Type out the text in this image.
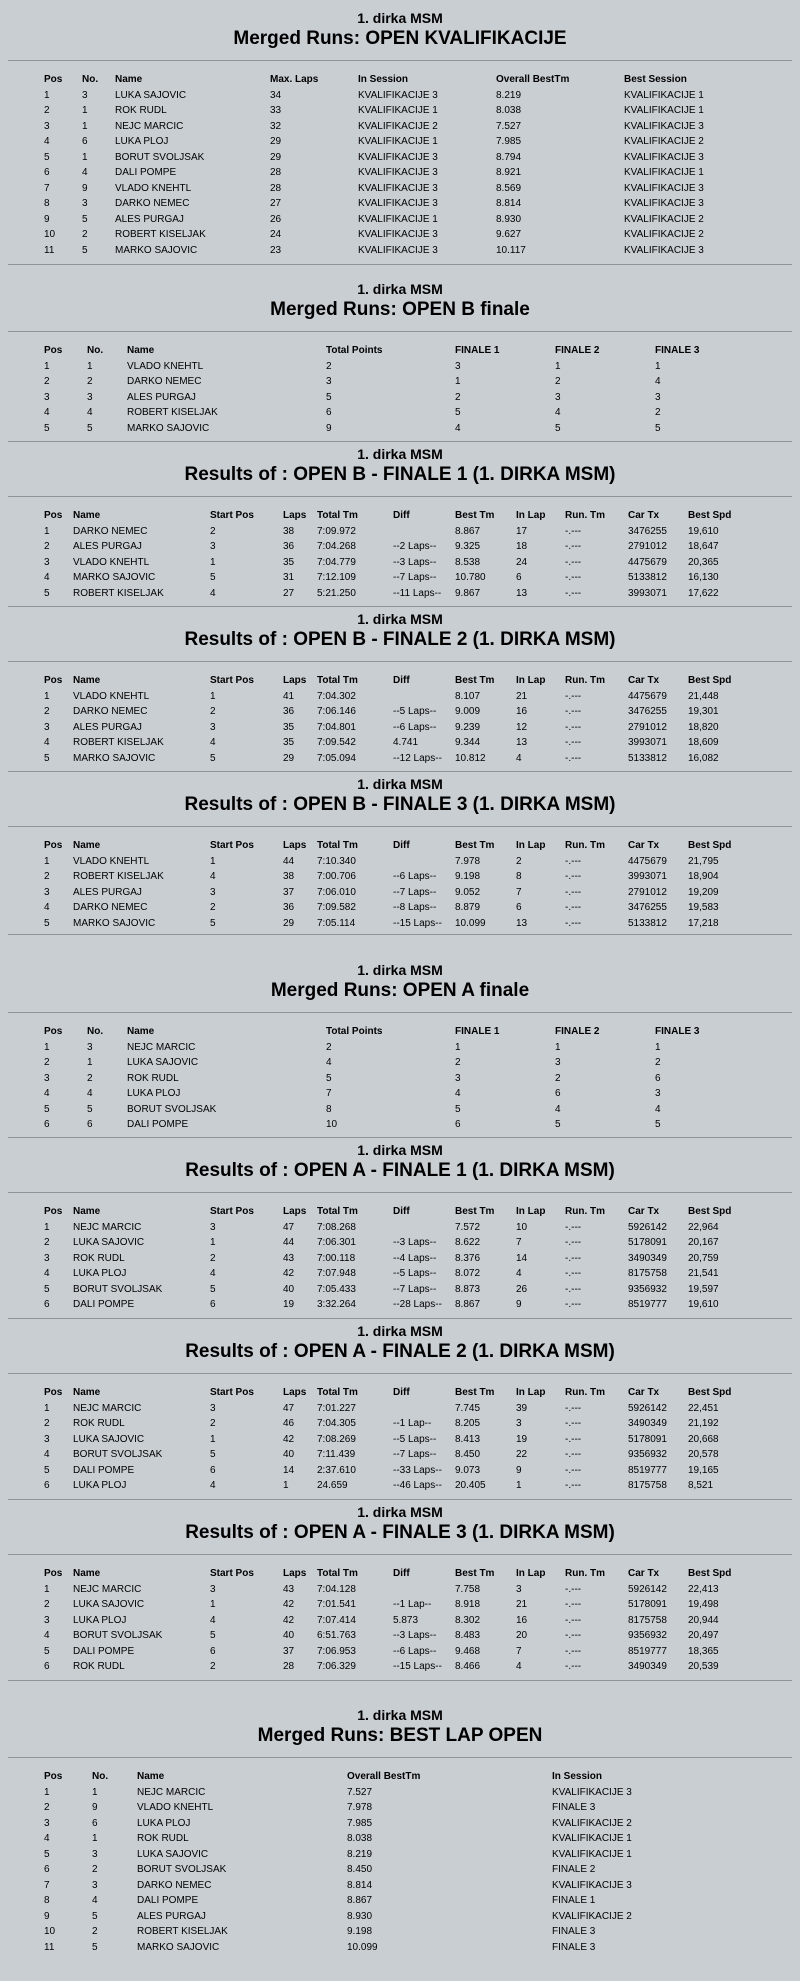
1. dirka MSM
Merged Runs: OPEN KVALIFIKACIJE
Pos	No.	Name	Max. Laps	In Session	Overall BestTm	Best Session
1	3	LUKA SAJOVIC	34	KVALIFIKACIJE 3	8.219	KVALIFIKACIJE 1
2	1	ROK RUDL	33	KVALIFIKACIJE 1	8.038	KVALIFIKACIJE 1
3	1	NEJC MARCIC	32	KVALIFIKACIJE 2	7.527	KVALIFIKACIJE 3
4	6	LUKA PLOJ	29	KVALIFIKACIJE 1	7.985	KVALIFIKACIJE 2
5	1	BORUT SVOLJSAK	29	KVALIFIKACIJE 3	8.794	KVALIFIKACIJE 3
6	4	DALI POMPE	28	KVALIFIKACIJE 3	8.921	KVALIFIKACIJE 1
7	9	VLADO KNEHTL	28	KVALIFIKACIJE 3	8.569	KVALIFIKACIJE 3
8	3	DARKO NEMEC	27	KVALIFIKACIJE 3	8.814	KVALIFIKACIJE 3
9	5	ALES PURGAJ	26	KVALIFIKACIJE 1	8.930	KVALIFIKACIJE 2
10	2	ROBERT KISELJAK	24	KVALIFIKACIJE 3	9.627	KVALIFIKACIJE 2
11	5	MARKO SAJOVIC	23	KVALIFIKACIJE 3	10.117	KVALIFIKACIJE 3
1. dirka MSM
Merged Runs: OPEN B finale
Pos	No.	Name	Total Points	FINALE 1	FINALE 2	FINALE 3
1	1	VLADO KNEHTL	2	3	1	1
2	2	DARKO NEMEC	3	1	2	4
3	3	ALES PURGAJ	5	2	3	3
4	4	ROBERT KISELJAK	6	5	4	2
5	5	MARKO SAJOVIC	9	4	5	5
1. dirka MSM
Results of : OPEN B - FINALE 1 (1. DIRKA MSM)
Pos	Name	Start Pos	Laps	Total Tm	Diff	Best Tm	In Lap	Run. Tm	Car Tx	Best Spd
1	DARKO NEMEC	2	38	7:09.972		8.867	17	-.---	3476255	19,610
2	ALES PURGAJ	3	36	7:04.268	--2 Laps--	9.325	18	-.---	2791012	18,647
3	VLADO KNEHTL	1	35	7:04.779	--3 Laps--	8.538	24	-.---	4475679	20,365
4	MARKO SAJOVIC	5	31	7:12.109	--7 Laps--	10.780	6	-.---	5133812	16,130
5	ROBERT KISELJAK	4	27	5:21.250	--11 Laps--	9.867	13	-.---	3993071	17,622
1. dirka MSM
Results of : OPEN B - FINALE 2 (1. DIRKA MSM)
Pos	Name	Start Pos	Laps	Total Tm	Diff	Best Tm	In Lap	Run. Tm	Car Tx	Best Spd
1	VLADO KNEHTL	1	41	7:04.302		8.107	21	-.---	4475679	21,448
2	DARKO NEMEC	2	36	7:06.146	--5 Laps--	9.009	16	-.---	3476255	19,301
3	ALES PURGAJ	3	35	7:04.801	--6 Laps--	9.239	12	-.---	2791012	18,820
4	ROBERT KISELJAK	4	35	7:09.542	4.741	9.344	13	-.---	3993071	18,609
5	MARKO SAJOVIC	5	29	7:05.094	--12 Laps--	10.812	4	-.---	5133812	16,082
1. dirka MSM
Results of : OPEN B - FINALE 3 (1. DIRKA MSM)
Pos	Name	Start Pos	Laps	Total Tm	Diff	Best Tm	In Lap	Run. Tm	Car Tx	Best Spd
1	VLADO KNEHTL	1	44	7:10.340		7.978	2	-.---	4475679	21,795
2	ROBERT KISELJAK	4	38	7:00.706	--6 Laps--	9.198	8	-.---	3993071	18,904
3	ALES PURGAJ	3	37	7:06.010	--7 Laps--	9.052	7	-.---	2791012	19,209
4	DARKO NEMEC	2	36	7:09.582	--8 Laps--	8.879	6	-.---	3476255	19,583
5	MARKO SAJOVIC	5	29	7:05.114	--15 Laps--	10.099	13	-.---	5133812	17,218
1. dirka MSM
Merged Runs: OPEN A finale
Pos	No.	Name	Total Points	FINALE 1	FINALE 2	FINALE 3
1	3	NEJC MARCIC	2	1	1	1
2	1	LUKA SAJOVIC	4	2	3	2
3	2	ROK RUDL	5	3	2	6
4	4	LUKA PLOJ	7	4	6	3
5	5	BORUT SVOLJSAK	8	5	4	4
6	6	DALI POMPE	10	6	5	5
1. dirka MSM
Results of : OPEN A - FINALE 1 (1. DIRKA MSM)
Pos	Name	Start Pos	Laps	Total Tm	Diff	Best Tm	In Lap	Run. Tm	Car Tx	Best Spd
1	NEJC MARCIC	3	47	7:08.268		7.572	10	-.---	5926142	22,964
2	LUKA SAJOVIC	1	44	7:06.301	--3 Laps--	8.622	7	-.---	5178091	20,167
3	ROK RUDL	2	43	7:00.118	--4 Laps--	8.376	14	-.---	3490349	20,759
4	LUKA PLOJ	4	42	7:07.948	--5 Laps--	8.072	4	-.---	8175758	21,541
5	BORUT SVOLJSAK	5	40	7:05.433	--7 Laps--	8.873	26	-.---	9356932	19,597
6	DALI POMPE	6	19	3:32.264	--28 Laps--	8.867	9	-.---	8519777	19,610
1. dirka MSM
Results of : OPEN A - FINALE 2 (1. DIRKA MSM)
Pos	Name	Start Pos	Laps	Total Tm	Diff	Best Tm	In Lap	Run. Tm	Car Tx	Best Spd
1	NEJC MARCIC	3	47	7:01.227		7.745	39	-.---	5926142	22,451
2	ROK RUDL	2	46	7:04.305	--1 Lap--	8.205	3	-.---	3490349	21,192
3	LUKA SAJOVIC	1	42	7:08.269	--5 Laps--	8.413	19	-.---	5178091	20,668
4	BORUT SVOLJSAK	5	40	7:11.439	--7 Laps--	8.450	22	-.---	9356932	20,578
5	DALI POMPE	6	14	2:37.610	--33 Laps--	9.073	9	-.---	8519777	19,165
6	LUKA PLOJ	4	1	24.659	--46 Laps--	20.405	1	-.---	8175758	8,521
1. dirka MSM
Results of : OPEN A - FINALE 3 (1. DIRKA MSM)
Pos	Name	Start Pos	Laps	Total Tm	Diff	Best Tm	In Lap	Run. Tm	Car Tx	Best Spd
1	NEJC MARCIC	3	43	7:04.128		7.758	3	-.---	5926142	22,413
2	LUKA SAJOVIC	1	42	7:01.541	--1 Lap--	8.918	21	-.---	5178091	19,498
3	LUKA PLOJ	4	42	7:07.414	5.873	8.302	16	-.---	8175758	20,944
4	BORUT SVOLJSAK	5	40	6:51.763	--3 Laps--	8.483	20	-.---	9356932	20,497
5	DALI POMPE	6	37	7:06.953	--6 Laps--	9.468	7	-.---	8519777	18,365
6	ROK RUDL	2	28	7:06.329	--15 Laps--	8.466	4	-.---	3490349	20,539
1. dirka MSM
Merged Runs: BEST LAP OPEN
Pos	No.	Name	Overall BestTm	In Session
1	1	NEJC MARCIC	7.527	KVALIFIKACIJE 3
2	9	VLADO KNEHTL	7.978	FINALE 3
3	6	LUKA PLOJ	7.985	KVALIFIKACIJE 2
4	1	ROK RUDL	8.038	KVALIFIKACIJE 1
5	3	LUKA SAJOVIC	8.219	KVALIFIKACIJE 1
6	2	BORUT SVOLJSAK	8.450	FINALE 2
7	3	DARKO NEMEC	8.814	KVALIFIKACIJE 3
8	4	DALI POMPE	8.867	FINALE 1
9	5	ALES PURGAJ	8.930	KVALIFIKACIJE 2
10	2	ROBERT KISELJAK	9.198	FINALE 3
11	5	MARKO SAJOVIC	10.099	FINALE 3
